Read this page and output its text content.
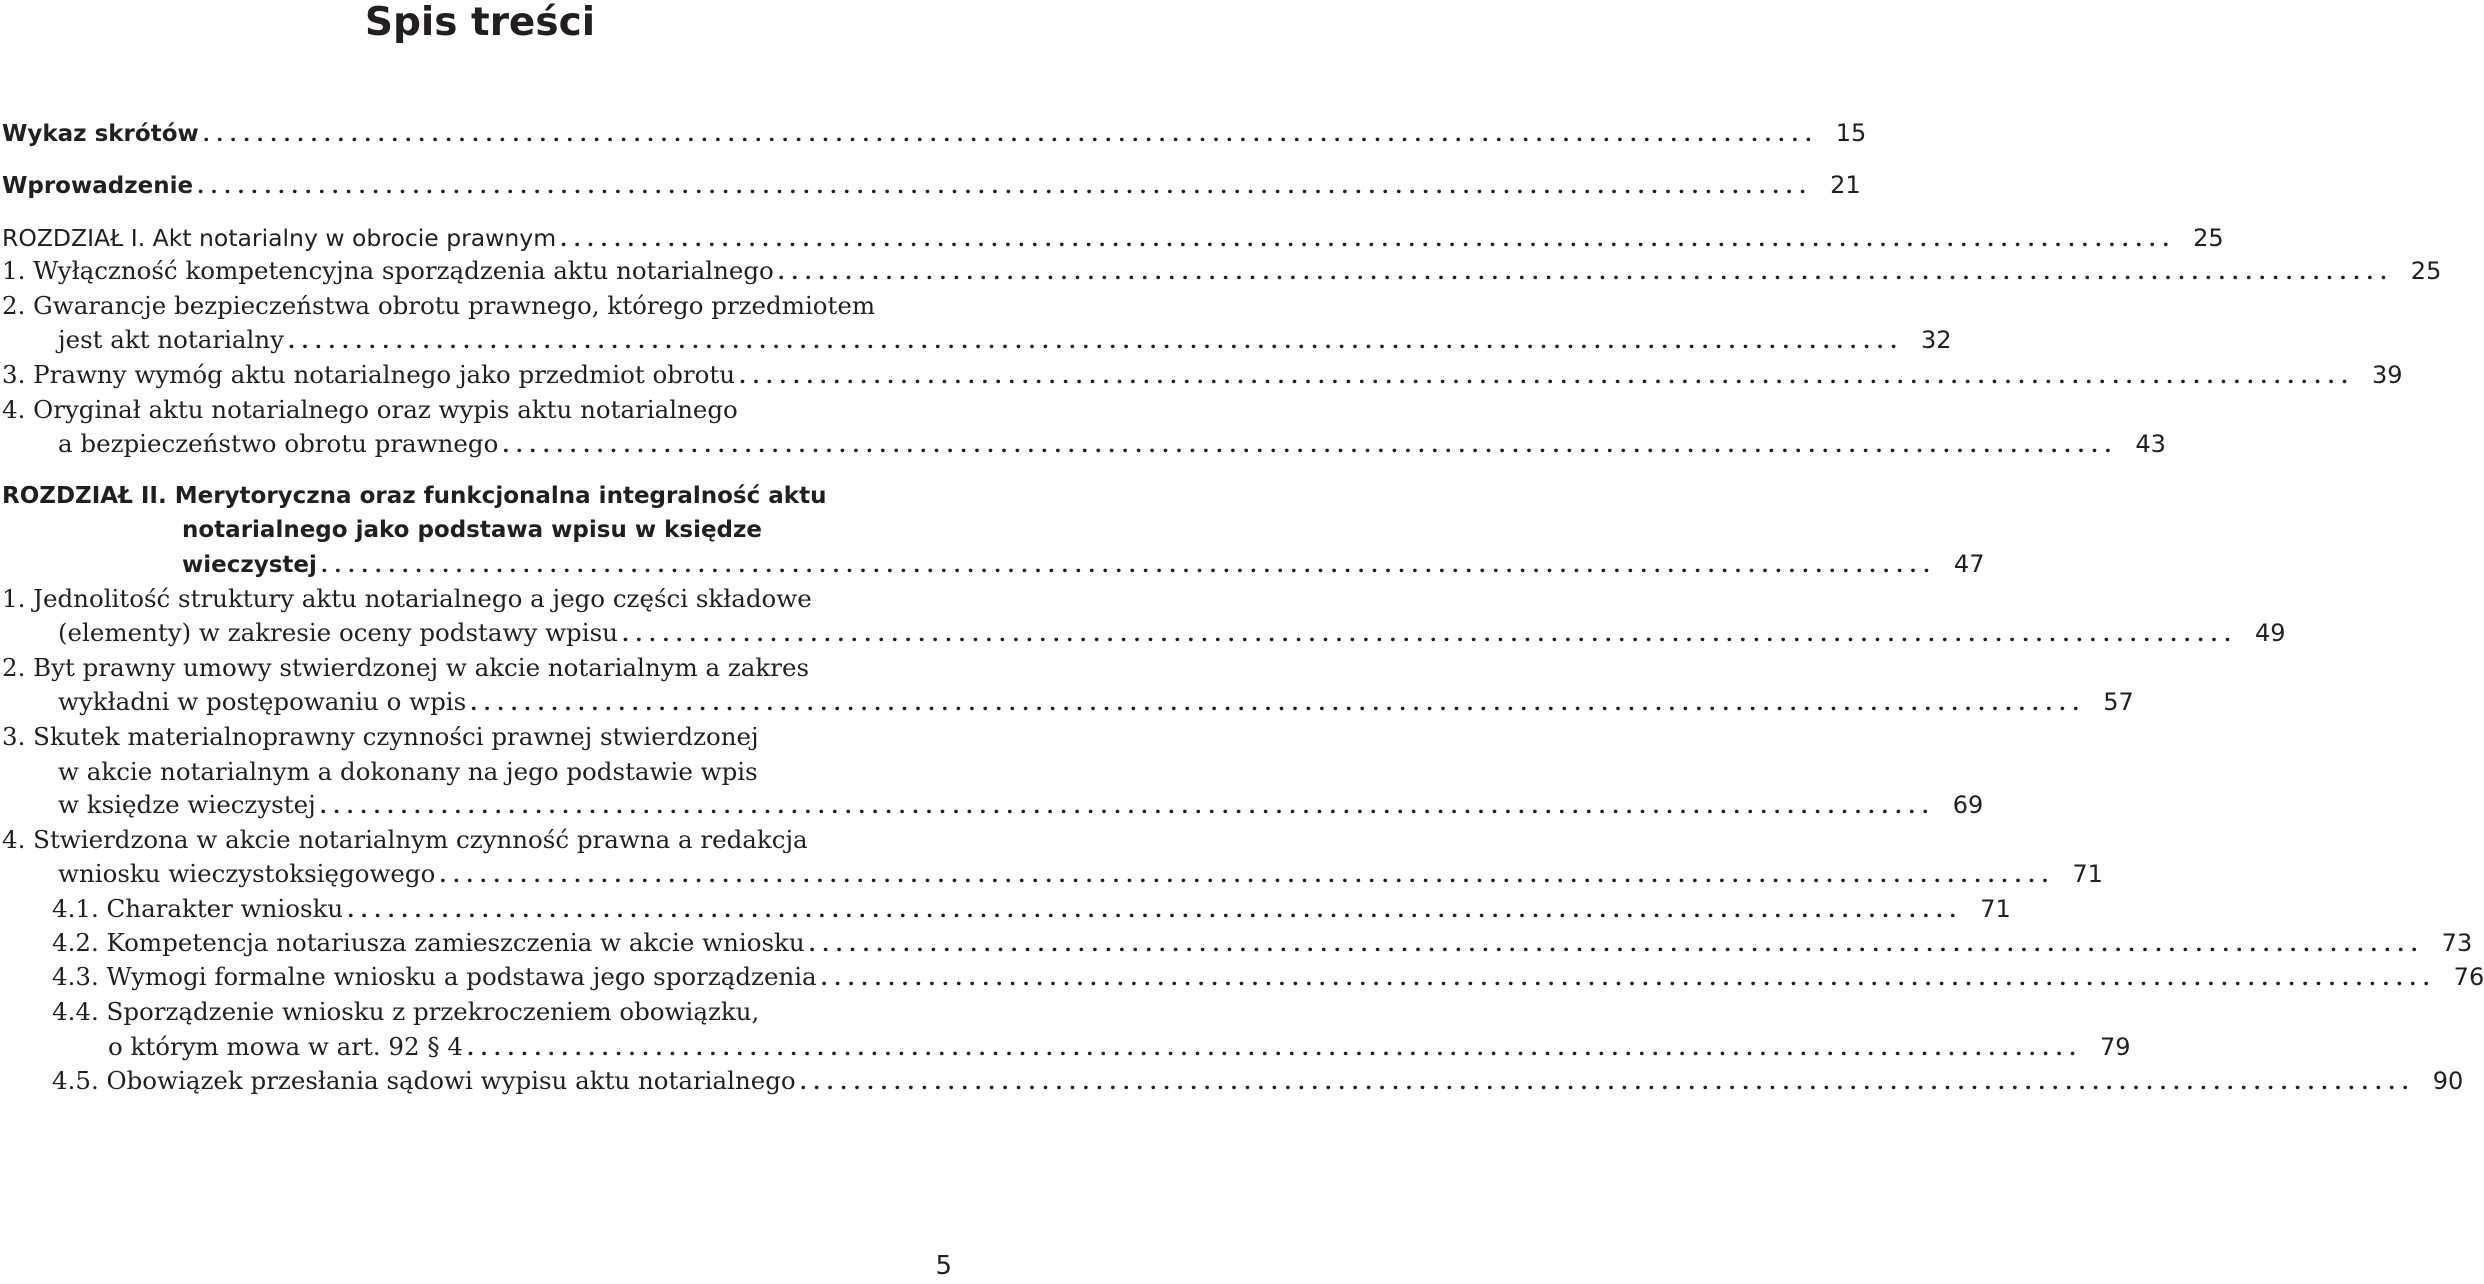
Spis treści
Wykaz skrótów ........................................................................................................................ 15
Wprowadzenie ........................................................................................................................ 21
ROZDZIAŁ I. Akt notarialny w obrocie prawnym ........................................................................................................................ 25
1. Wyłączność kompetencyjna sporządzenia aktu notarialnego ........................................................................................................................ 25
2. Gwarancje bezpieczeństwa obrotu prawnego, którego przedmiotem
jest akt notarialny ........................................................................................................................ 32
3. Prawny wymóg aktu notarialnego jako przedmiot obrotu ........................................................................................................................ 39
4. Oryginał aktu notarialnego oraz wypis aktu notarialnego
a bezpieczeństwo obrotu prawnego ........................................................................................................................ 43
ROZDZIAŁ II. Merytoryczna oraz funkcjonalna integralność aktu
notarialnego jako podstawa wpisu w księdze
wieczystej ........................................................................................................................ 47
1. Jednolitość struktury aktu notarialnego a jego części składowe
(elementy) w zakresie oceny podstawy wpisu ........................................................................................................................ 49
2. Byt prawny umowy stwierdzonej w akcie notarialnym a zakres
wykładni w postępowaniu o wpis ........................................................................................................................ 57
3. Skutek materialnoprawny czynności prawnej stwierdzonej
w akcie notarialnym a dokonany na jego podstawie wpis
w księdze wieczystej ........................................................................................................................ 69
4. Stwierdzona w akcie notarialnym czynność prawna a redakcja
wniosku wieczystoksięgowego ........................................................................................................................ 71
4.1. Charakter wniosku ........................................................................................................................ 71
4.2. Kompetencja notariusza zamieszczenia w akcie wniosku ........................................................................................................................ 73
4.3. Wymogi formalne wniosku a podstawa jego sporządzenia ........................................................................................................................ 76
4.4. Sporządzenie wniosku z przekroczeniem obowiązku,
o którym mowa w art. 92 § 4 ........................................................................................................................ 79
4.5. Obowiązek przesłania sądowi wypisu aktu notarialnego ........................................................................................................................ 90
5
